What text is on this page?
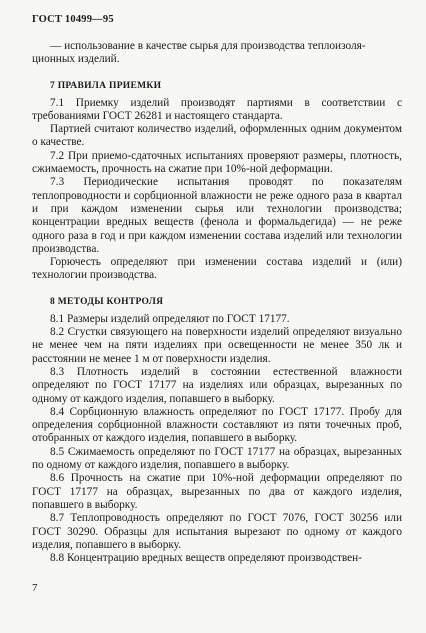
ГОСТ 10499—95

— использование в качестве сырья для производства теплоизоля-

ционных изделий.

7 ПРАВИЛА ПРИЕМКИ

7.1 Приемку изделий производят партиями в соответствии с требованиями ГОСТ 26281 и настоящего стандарта.

Партией считают количество изделий, оформленных одним документом о качестве.

7.2 При приемо-сдаточных испытаниях проверяют размеры, плотность, сжимаемость, прочность на сжатие при 10%-ной деформации.

7.3 Периодические испытания проводят по показателям теплопроводности и сорбционной влажности не реже одного раза в квартал и при каждом изменении сырья или технологии производства; концентрации вредных веществ (фенола и формальдегида) — не реже одного раза в год и при каждом изменении состава изделий или технологии производства.

Горючесть определяют при изменении состава изделий и (или) технологии производства.

8 МЕТОДЫ КОНТРОЛЯ

8.1 Размеры изделий определяют по ГОСТ 17177.

8.2 Сгустки связующего на поверхности изделий определяют визуально не менее чем на пяти изделиях при освещенности не менее 350 лк и расстоянии не менее 1 м от поверхности изделия.

8.3 Плотность изделий в состоянии естественной влажности определяют по ГОСТ 17177 на изделиях или образцах, вырезанных по одному от каждого изделия, попавшего в выборку.

8.4 Сорбционную влажность определяют по ГОСТ 17177. Пробу для определения сорбционной влажности составляют из пяти точечных проб, отобранных от каждого изделия, попавшего в выборку.

8.5 Сжимаемость определяют по ГОСТ 17177 на образцах, вырезанных по одному от каждого изделия, попавшего в выборку.

8.6 Прочность на сжатие при 10%-ной деформации определяют по ГОСТ 17177 на образцах, вырезанных по два от каждого изделия, попавшего в выборку.

8.7 Теплопроводность определяют по ГОСТ 7076, ГОСТ 30256 или ГОСТ 30290. Образцы для испытания вырезают по одному от каждого изделия, попавшего в выборку.

8.8 Концентрацию вредных веществ определяют производствен-

7
